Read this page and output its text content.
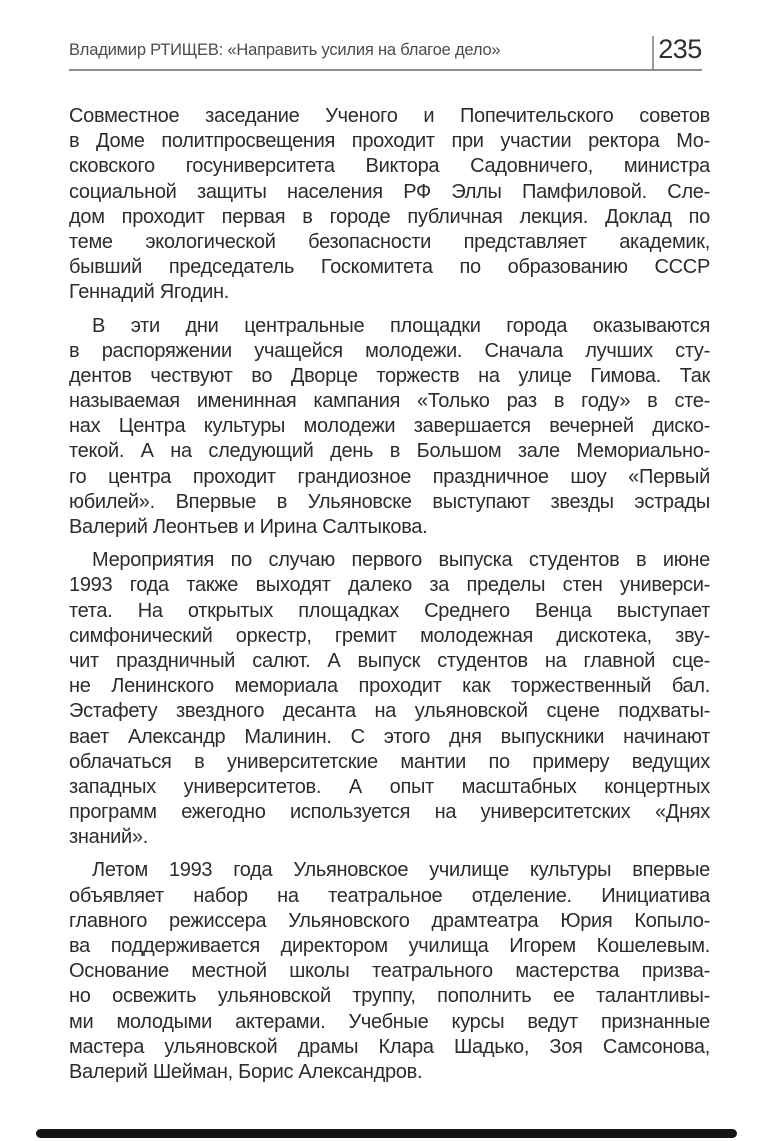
Владимир РТИЩЕВ: «Направить усилия на благое дело»	235

Совместное заседание Ученого и Попечительского советов
в Доме политпросвещения проходит при участии ректора Мо-
сковского госуниверситета Виктора Садовничего, министра
социальной защиты населения РФ Эллы Памфиловой. Сле-
дом проходит первая в городе публичная лекция. Доклад по
теме экологической безопасности представляет академик,
бывший председатель Госкомитета по образованию СССР
Геннадий Ягодин.

В эти дни центральные площадки города оказываются
в распоряжении учащейся молодежи. Сначала лучших сту-
дентов чествуют во Дворце торжеств на улице Гимова. Так
называемая именинная кампания «Только раз в году» в сте-
нах Центра культуры молодежи завершается вечерней диско-
текой. А на следующий день в Большом зале Мемориально-
го центра проходит грандиозное праздничное шоу «Первый
юбилей». Впервые в Ульяновске выступают звезды эстрады
Валерий Леонтьев и Ирина Салтыкова.

Мероприятия по случаю первого выпуска студентов в июне
1993 года также выходят далеко за пределы стен универси-
тета. На открытых площадках Среднего Венца выступает
симфонический оркестр, гремит молодежная дискотека, зву-
чит праздничный салют. А выпуск студентов на главной сце-
не Ленинского мемориала проходит как торжественный бал.
Эстафету звездного десанта на ульяновской сцене подхваты-
вает Александр Малинин. С этого дня выпускники начинают
облачаться в университетские мантии по примеру ведущих
западных университетов. А опыт масштабных концертных
программ ежегодно используется на университетских «Днях
знаний».

Летом 1993 года Ульяновское училище культуры впервые
объявляет набор на театральное отделение. Инициатива
главного режиссера Ульяновского драмтеатра Юрия Копыло-
ва поддерживается директором училища Игорем Кошелевым.
Основание местной школы театрального мастерства призва-
но освежить ульяновской труппу, пополнить ее талантливы-
ми молодыми актерами. Учебные курсы ведут признанные
мастера ульяновской драмы Клара Шадько, Зоя Самсонова,
Валерий Шейман, Борис Александров.
